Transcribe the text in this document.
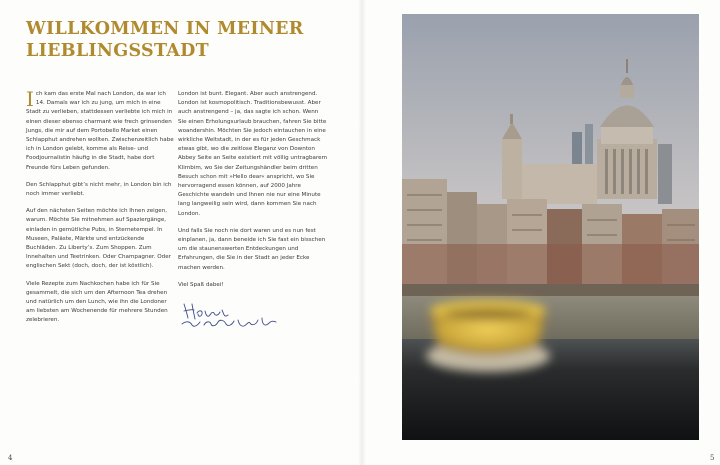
WILLKOMMEN IN MEINER
LIEBLINGSSTADT

Ich kam das erste Mal nach London, da war ich 14. Damals war ich zu jung, um mich in eine Stadt zu verlieben, stattdessen verliebte ich mich in einen dieser ebenso charmant wie frech grinsenden Jungs, die mir auf dem Portobello Market einen Schlapphut andrehen wollten. Zwischenzeitlich habe ich in London gelebt, komme als Reise- und Foodjournalistin häufig in die Stadt, habe dort Freunde fürs Leben gefunden.

Den Schlapphut gibt’s nicht mehr, in London bin ich noch immer verliebt.

Auf den nächsten Seiten möchte ich Ihnen zeigen, warum. Möchte Sie mitnehmen auf Spaziergänge, einladen in gemütliche Pubs, in Sternetempel. In Museen, Paläste, Märkte und entzückende Buchläden. Zu Liberty’s. Zum Shoppen. Zum Innehalten und Teetrinken. Oder Champagner. Oder englischen Sekt (doch, doch, der ist köstlich).

Viele Rezepte zum Nachkochen habe ich für Sie gesammelt, die sich um den Afternoon Tea drehen und natürlich um den Lunch, wie ihn die Londoner am liebsten am Wochenende für mehrere Stunden zelebrieren.

London ist bunt. Elegant. Aber auch anstrengend. London ist kosmopolitisch. Traditionsbewusst. Aber auch anstrengend – ja, das sagte ich schon. Wenn Sie einen Erholungsurlaub brauchen, fahren Sie bitte woandershin. Möchten Sie jedoch eintauchen in eine wirkliche Weltstadt, in der es für jeden Geschmack etwas gibt, wo die zeitlose Eleganz von Downton Abbey Seite an Seite existiert mit völlig untragbarem Klimbim, wo Sie der Zeitungshändler beim dritten Besuch schon mit »Hello dear« anspricht, wo Sie hervorragend essen können, auf 2000 Jahre Geschichte wandeln und Ihnen nie nur eine Minute lang langweilig sein wird, dann kommen Sie nach London.

Und falls Sie noch nie dort waren und es nun fest einplanen, ja, dann beneide ich Sie fast ein bisschen um die staunenswerten Entdeckungen und Erfahrungen, die Sie in der Stadt an jeder Ecke machen werden.

Viel Spaß dabei!

4	5
